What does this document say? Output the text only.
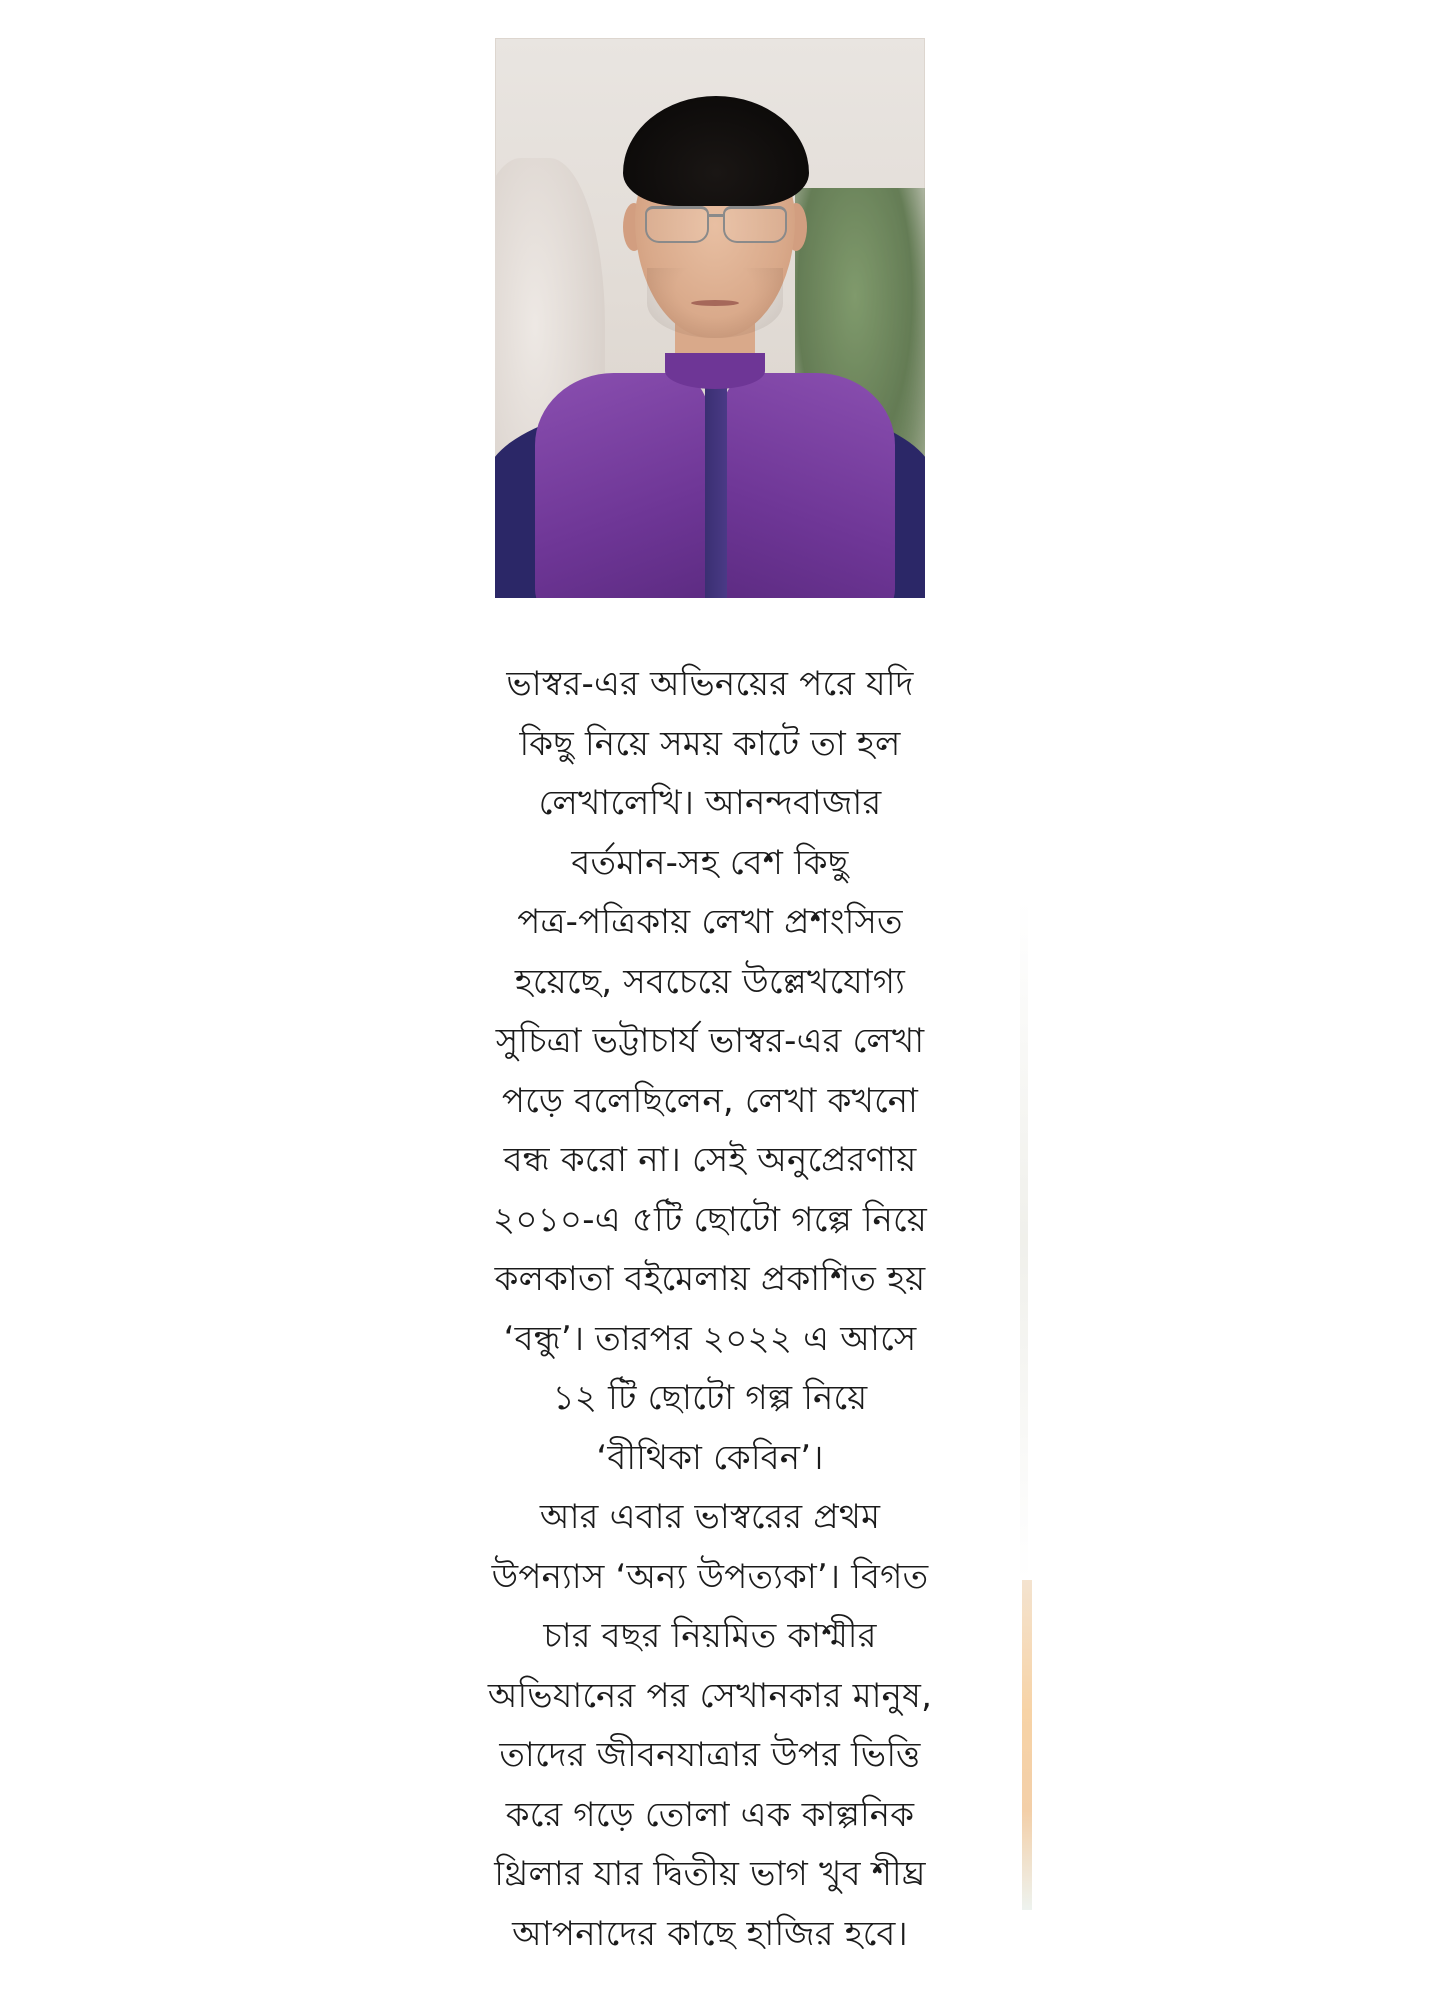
ভাস্বর-এর অভিনয়ের পরে যদি
কিছু নিয়ে সময় কাটে তা হল
লেখালেখি। আনন্দবাজার
বর্তমান-সহ বেশ কিছু
পত্র-পত্রিকায় লেখা প্রশংসিত
হয়েছে, সবচেয়ে উল্লেখযোগ্য
সুচিত্রা ভট্টাচার্য ভাস্বর-এর লেখা
পড়ে বলেছিলেন, লেখা কখনো
বন্ধ করো না। সেই অনুপ্রেরণায়
২০১০-এ ৫টি ছোটো গল্পে নিয়ে
কলকাতা বইমেলায় প্রকাশিত হয়
‘বন্ধু’। তারপর ২০২২ এ আসে
১২ টি ছোটো গল্প নিয়ে
‘বীথিকা কেবিন’।
আর এবার ভাস্বরের প্রথম
উপন্যাস ‘অন্য উপত্যকা’। বিগত
চার বছর নিয়মিত কাশ্মীর
অভিযানের পর সেখানকার মানুষ,
তাদের জীবনযাত্রার উপর ভিত্তি
করে গড়ে তোলা এক কাল্পনিক
থ্রিলার যার দ্বিতীয় ভাগ খুব শীঘ্র
আপনাদের কাছে হাজির হবে।
